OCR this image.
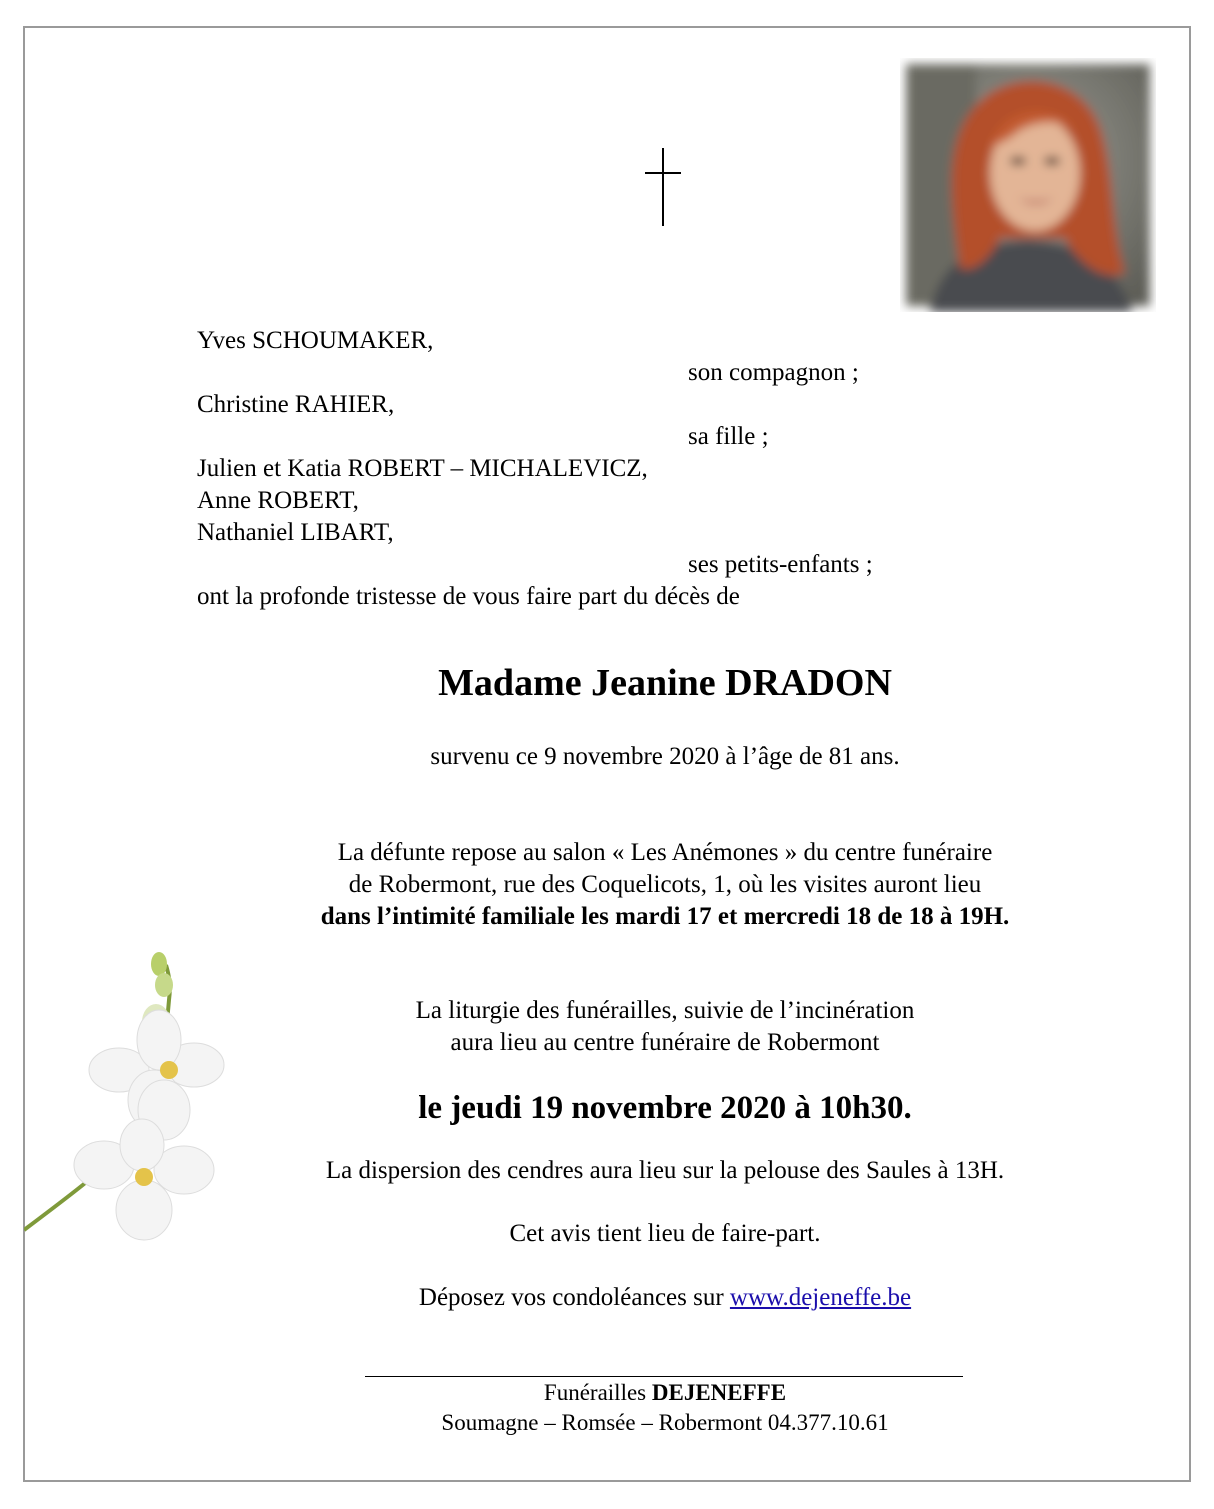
Yves SCHOUMAKER,
son compagnon ;
Christine RAHIER,
sa fille ;
Julien et Katia ROBERT – MICHALEVICZ,
Anne ROBERT,
Nathaniel LIBART,
ses petits-enfants ;
ont la profonde tristesse de vous faire part du décès de
Madame Jeanine DRADON
survenu ce 9 novembre 2020 à l’âge de 81 ans.
La défunte repose au salon « Les Anémones » du centre funéraire
de Robermont, rue des Coquelicots, 1, où les visites auront lieu
dans l’intimité familiale les mardi 17 et mercredi 18 de 18 à 19H.
La liturgie des funérailles, suivie de l’incinération
aura lieu au centre funéraire de Robermont
le jeudi 19 novembre 2020 à 10h30.
La dispersion des cendres aura lieu sur la pelouse des Saules à 13H.
Cet avis tient lieu de faire-part.
Déposez vos condoléances sur www.dejeneffe.be
Funérailles DEJENEFFE
Soumagne – Romsée – Robermont 04.377.10.61
